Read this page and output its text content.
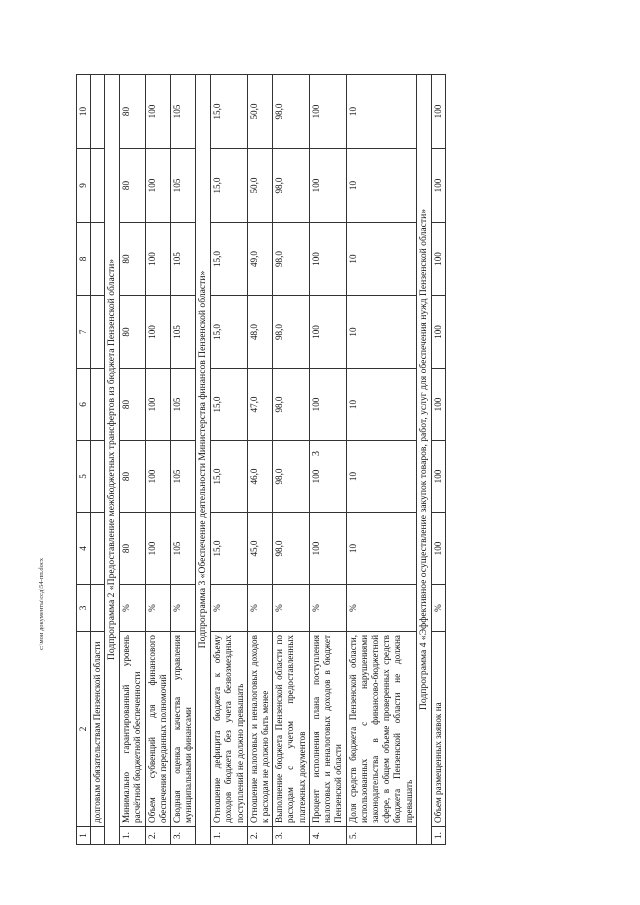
3
1	2	3	4	5	6	7	8	9	10
	долговым обязательствам Пензенской области								
Подпрограмма 2 «Предоставление межбюджетных трансфертов из бюджета Пензенской области»									
1.	Минимально гарантированный уровень расчётной бюджетной обеспеченности	%	80	80	80	80	80	80	80
2.	Объем субвенций для финансового обеспечения переданных полномочий	%	100	100	100	100	100	100	100
3.	Сводная оценка качества управления муниципальными финансами	%	105	105	105	105	105	105	105
Подпрограмма 3 «Обеспечение деятельности Министерства финансов Пензенской области»									
1.	Отношение дефицита бюджета к объему доходов бюджета без учета безвозмездных поступлений не должно превышать	%	15,0	15,0	15,0	15,0	15,0	15,0	15,0
2.	Отношение налоговых и неналоговых доходов к расходам не должно быть менее	%	45,0	46,0	47,0	48,0	49,0	50,0	50,0
3.	Выполнение бюджета Пензенской области по расходам с учетом предоставленных платежных документов	%	98,0	98,0	98,0	98,0	98,0	98,0	98,0
4.	Процент исполнения плана поступления налоговых и неналоговых доходов в бюджет Пензенской области	%	100	100	100	100	100	100	100
5.	Доля средств бюджета Пензенской области, использованных с нарушениями законодательства в финансово-бюджетной сфере, в общем объеме проверенных средств бюджета Пензенской области не должна превышать	%	10	10	10	10	10	10	10
Подпрограмма 4 «Эффективное осуществление закупок товаров, работ, услуг для обеспечения нужд Пензенской области»									
1.	Объем размещенных заявок на	%	100	100	100	100	100	100	100
c:\мои документы\ссд\54-пп.docx
